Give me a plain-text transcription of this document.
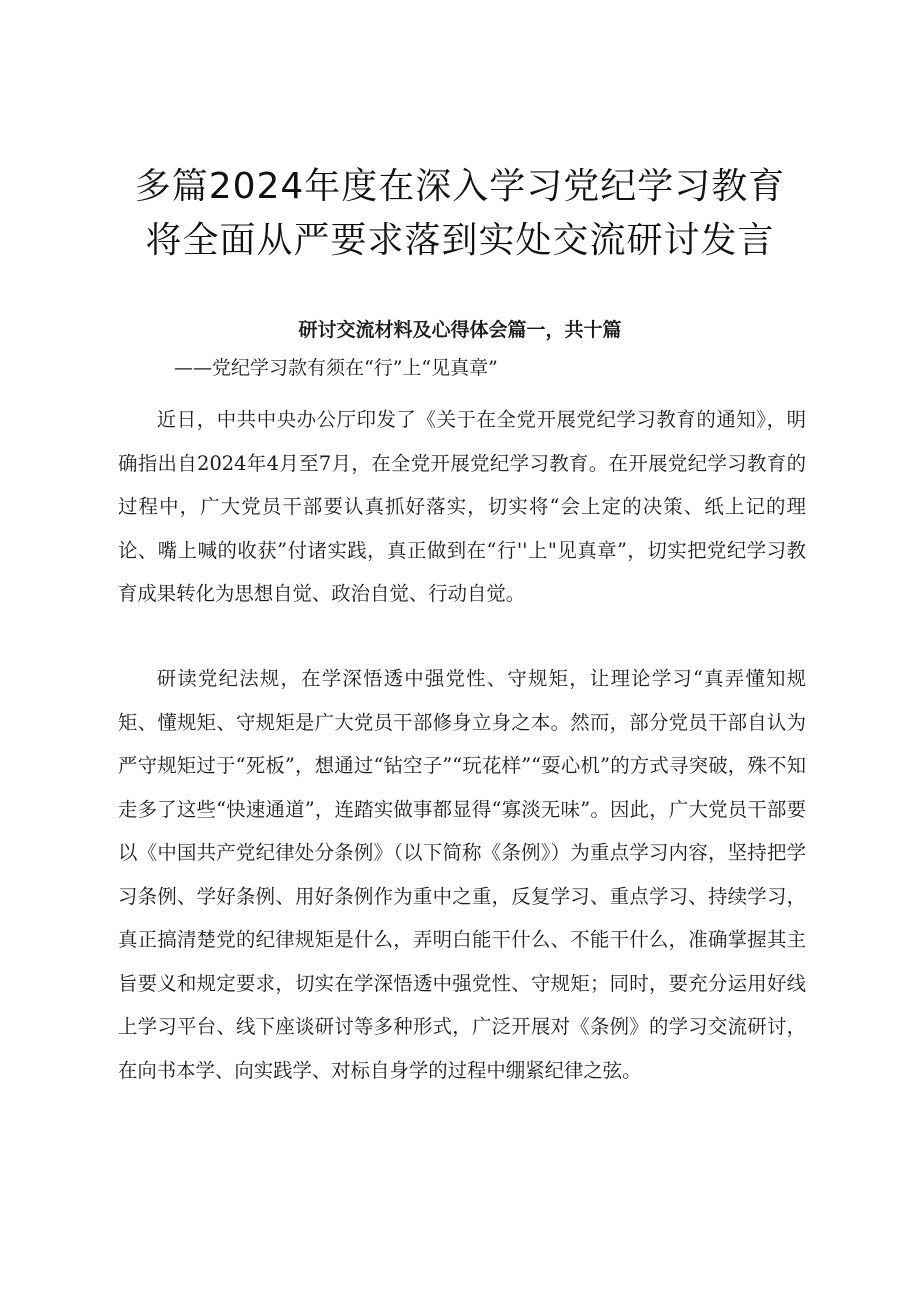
多篇2024年度在深入学习党纪学习教育将全面从严要求落到实处交流研讨发言

研讨交流材料及心得体会篇一，共十篇

——党纪学习款有须在“行”上“见真章”

近日，中共中央办公厅印发了《关于在全党开展党纪学习教育的通知》，明确指出自2024年4月至7月，在全党开展党纪学习教育。在开展党纪学习教育的过程中，广大党员干部要认真抓好落实，切实将“会上定的决策、纸上记的理论、嘴上喊的收获”付诸实践，真正做到在“行''上"见真章”，切实把党纪学习教育成果转化为思想自觉、政治自觉、行动自觉。

研读党纪法规，在学深悟透中强党性、守规矩，让理论学习“真弄懂知规矩、懂规矩、守规矩是广大党员干部修身立身之本。然而，部分党员干部自认为严守规矩过于“死板”，想通过“钻空子”“玩花样”“耍心机”的方式寻突破，殊不知走多了这些“快速通道”，连踏实做事都显得“寡淡无味”。因此，广大党员干部要以《中国共产党纪律处分条例》（以下简称《条例》）为重点学习内容，坚持把学习条例、学好条例、用好条例作为重中之重，反复学习、重点学习、持续学习，真正搞清楚党的纪律规矩是什么，弄明白能干什么、不能干什么，准确掌握其主旨要义和规定要求，切实在学深悟透中强党性、守规矩；同时，要充分运用好线上学习平台、线下座谈研讨等多种形式，广泛开展对《条例》的学习交流研讨，在向书本学、向实践学、对标自身学的过程中绷紧纪律之弦。
